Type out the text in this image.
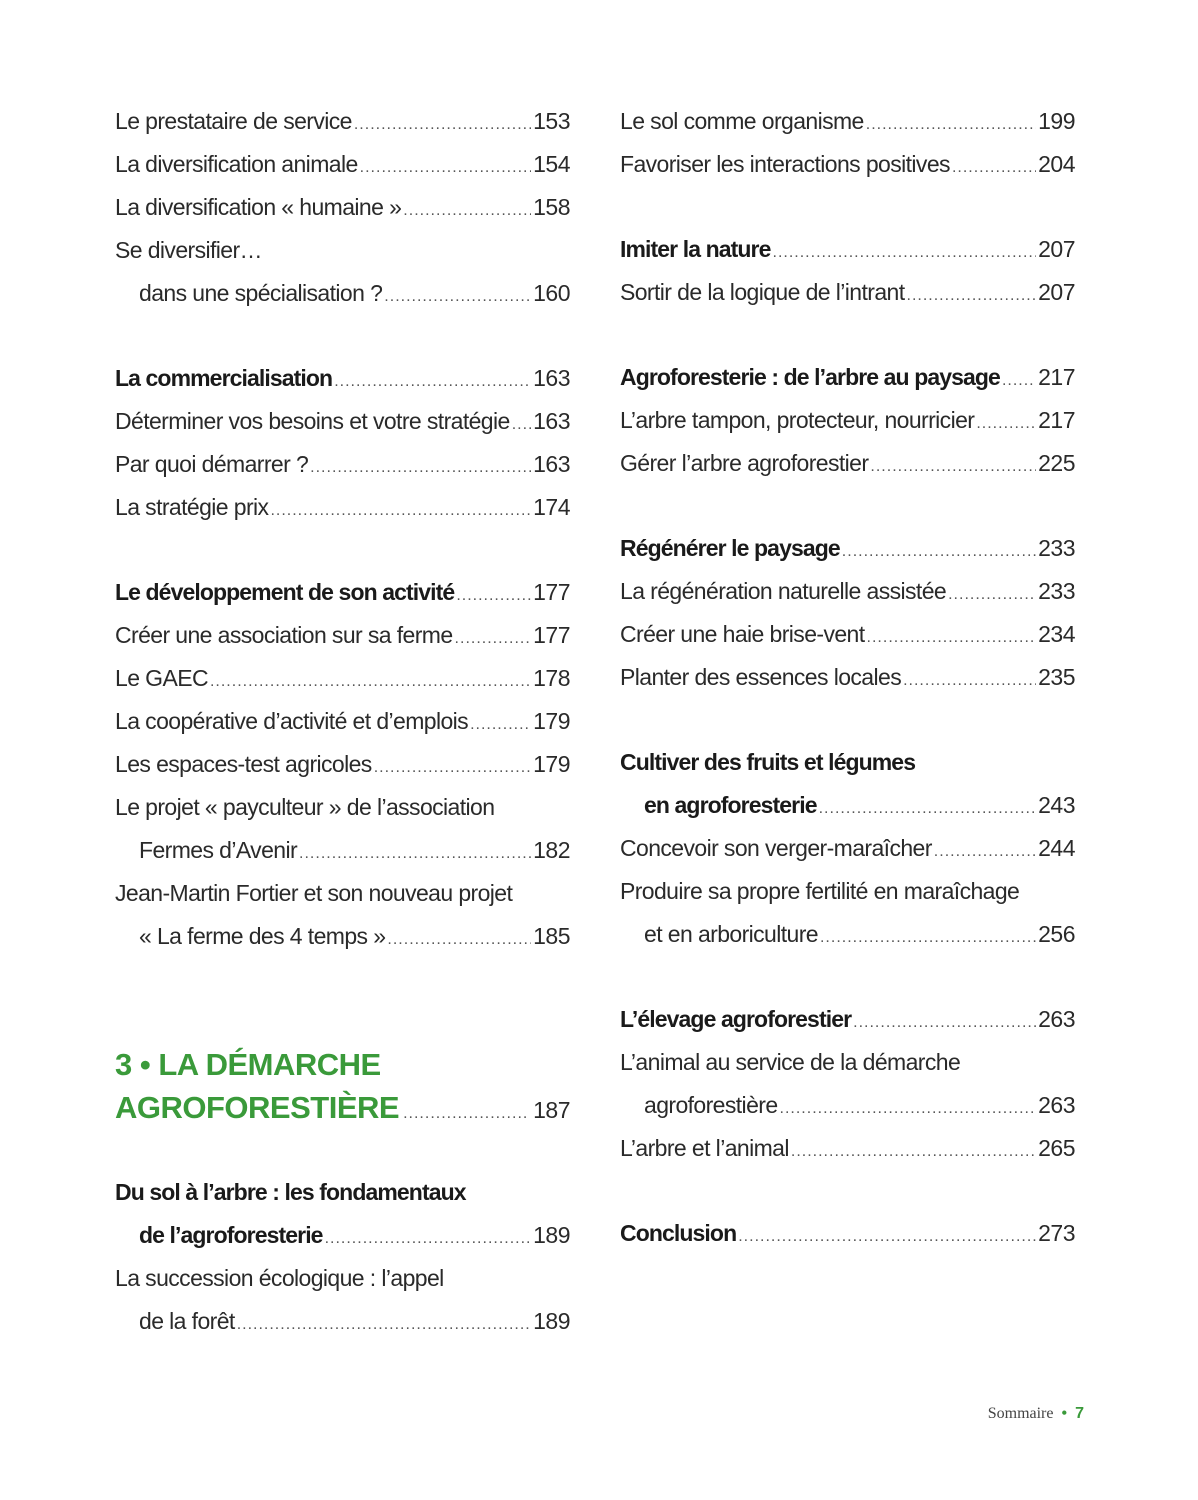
Le prestataire de service .....	153
La diversification animale .....	154
La diversification « humaine » .....	158
Se diversifier…
dans une spécialisation ? .....	160
La commercialisation .....	163
Déterminer vos besoins et votre stratégie ..... 163
Par quoi démarrer ? .....	163
La stratégie prix .....	174
Le développement de son activité .....	177
Créer une association sur sa ferme .....	177
Le GAEC .....	178
La coopérative d’activité et d’emplois .....	179
Les espaces-test agricoles .....	179
Le projet « payculteur » de l’association
Fermes d’Avenir .....	182
Jean-Martin Fortier et son nouveau projet
« La ferme des 4 temps » .....	185
3 • LA DÉMARCHE
AGROFORESTIÈRE .....	187
Du sol à l’arbre : les fondamentaux
de l’agroforesterie .....	189
La succession écologique : l’appel
de la forêt .....	189
Le sol comme organisme .....	199
Favoriser les interactions positives .....	204
Imiter la nature .....	207
Sortir de la logique de l’intrant .....	207
Agroforesterie : de l’arbre au paysage ..... 217
L’arbre tampon, protecteur, nourricier .....	217
Gérer l’arbre agroforestier .....	225
Régénérer le paysage .....	233
La régénération naturelle assistée .....	233
Créer une haie brise-vent .....	234
Planter des essences locales .....	235
Cultiver des fruits et légumes
en agroforesterie .....	243
Concevoir son verger-maraîcher .....	244
Produire sa propre fertilité en maraîchage
et en arboriculture .....	256
L’élevage agroforestier .....	263
L’animal au service de la démarche
agroforestière .....	263
L’arbre et l’animal .....	265
Conclusion .....	273
Sommaire • 7
